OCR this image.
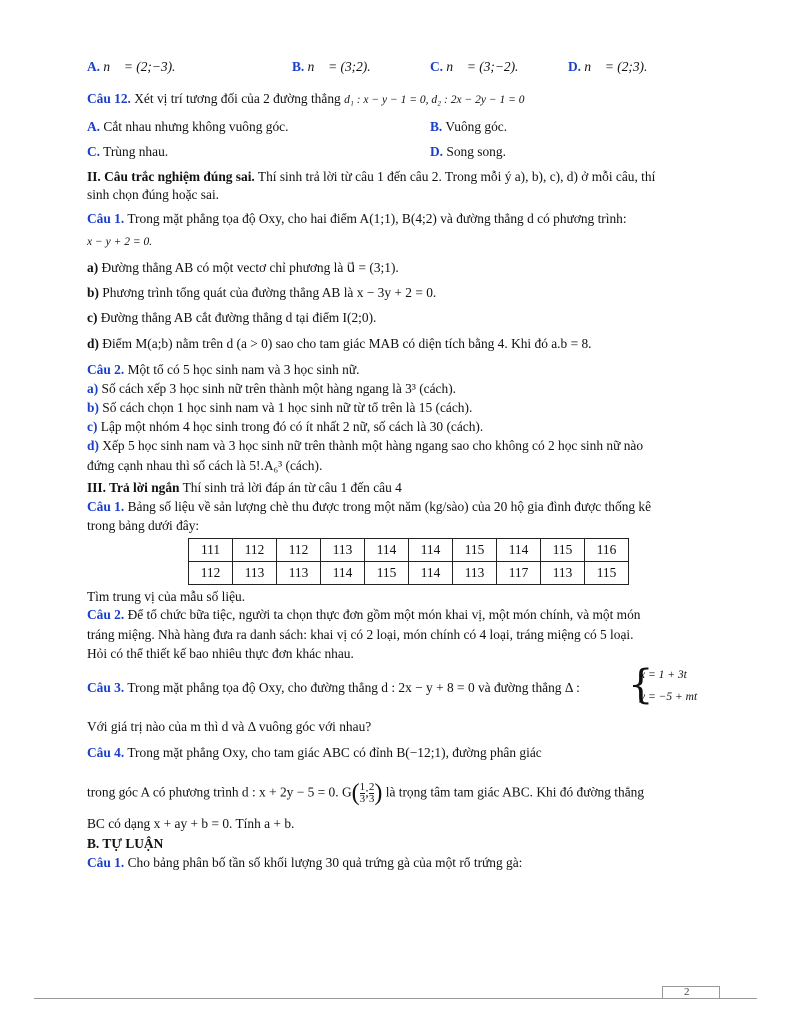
A. n⃗ = (2;−3).	B. n⃗ = (3;2).	C. n⃗ = (3;−2).	D. n⃗ = (2;3).
Câu 12. Xét vị trí tương đối của 2 đường thẳng d₁ : x − y − 1 = 0, d₂ : 2x − 2y − 1 = 0
A. Cắt nhau nhưng không vuông góc.	B. Vuông góc.
C. Trùng nhau.	D. Song song.
II. Câu trắc nghiệm đúng sai. Thí sinh trả lời từ câu 1 đến câu 2. Trong mỗi ý a), b), c), d) ở mỗi câu, thí
sinh chọn đúng hoặc sai.
Câu 1. Trong mặt phẳng tọa độ Oxy, cho hai điểm A(1;1), B(4;2) và đường thẳng d có phương trình:
x − y + 2 = 0.
a) Đường thẳng AB có một vectơ chỉ phương là u⃗ = (3;1).
b) Phương trình tổng quát của đường thẳng AB là x − 3y + 2 = 0.
c) Đường thẳng AB cắt đường thẳng d tại điểm I(2;0).
d) Điểm M(a;b) nằm trên d (a > 0) sao cho tam giác MAB có diện tích bằng 4. Khi đó a.b = 8.
Câu 2. Một tổ có 5 học sinh nam và 3 học sinh nữ.
a) Số cách xếp 3 học sinh nữ trên thành một hàng ngang là 3³ (cách).
b) Số cách chọn 1 học sinh nam và 1 học sinh nữ từ tổ trên là 15 (cách).
c) Lập một nhóm 4 học sinh trong đó có ít nhất 2 nữ, số cách là 30 (cách).
d) Xếp 5 học sinh nam và 3 học sinh nữ trên thành một hàng ngang sao cho không có 2 học sinh nữ nào
đứng cạnh nhau thì số cách là 5!.A₆³ (cách).
III. Trả lời ngắn Thí sinh trả lời đáp án từ câu 1 đến câu 4
Câu 1. Bảng số liệu về sản lượng chè thu được trong một năm (kg/sào) của 20 hộ gia đình được thống kê
trong bảng dưới đây:
111	112	112	113	114	114	115	114	115	116
112	113	113	114	115	114	113	117	113	115
Tìm trung vị của mẫu số liệu.
Câu 2. Để tổ chức bữa tiệc, người ta chọn thực đơn gồm một món khai vị, một món chính, và một món
tráng miệng. Nhà hàng đưa ra danh sách: khai vị có 2 loại, món chính có 4 loại, tráng miệng có 5 loại.
Hỏi có thể thiết kế bao nhiêu thực đơn khác nhau.
Câu 3. Trong mặt phẳng tọa độ Oxy, cho đường thẳng d : 2x − y + 8 = 0 và đường thẳng Δ : {
x = 1 + 3t
y = −5 + mt
Với giá trị nào của m thì d và Δ vuông góc với nhau?
Câu 4. Trong mặt phẳng Oxy, cho tam giác ABC có đỉnh B(−12;1), đường phân giác
trong góc A có phương trình d : x + 2y − 5 = 0. $G( \frac{1}{3}$ ; $\frac{2}{3}$ ) là trọng tâm tam giác ABC. Khi đó đường thẳng
BC có dạng x + ay + b = 0. Tính a + b.
B. TỰ LUẬN
Câu 1. Cho bảng phân bố tần số khối lượng 30 quả trứng gà của một rổ trứng gà:
2
